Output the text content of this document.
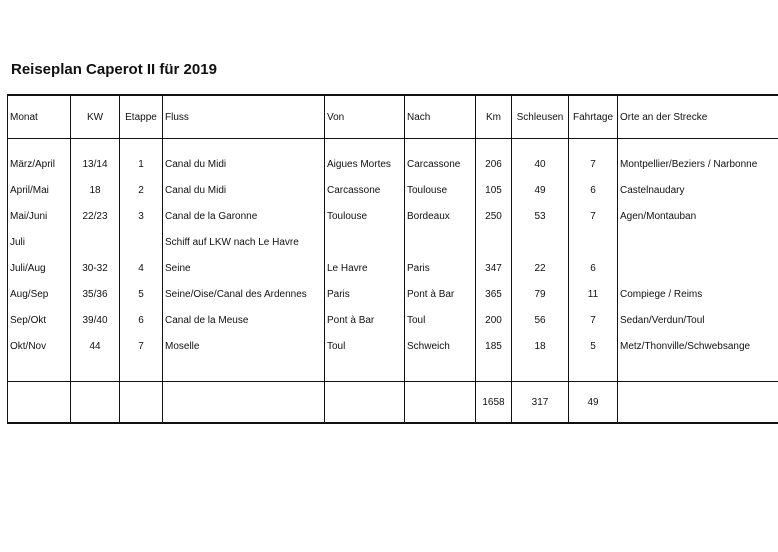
Reiseplan Caperot II für 2019
Monat	KW	Etappe	Fluss	Von	Nach	Km	Schleusen	Fahrtage	Orte an der Strecke
März/April	13/14	1	Canal du Midi	Aigues Mortes	Carcassone	206	40	7	Montpellier/Beziers / Narbonne
April/Mai	18	2	Canal du Midi	Carcassone	Toulouse	105	49	6	Castelnaudary
Mai/Juni	22/23	3	Canal de la Garonne	Toulouse	Bordeaux	250	53	7	Agen/Montauban
Juli			Schiff auf LKW nach Le Havre						
Juli/Aug	30-32	4	Seine	Le Havre	Paris	347	22	6	
Aug/Sep	35/36	5	Seine/Oise/Canal des Ardennes	Paris	Pont à Bar	365	79	11	Compiege / Reims
Sep/Okt	39/40	6	Canal de la Meuse	Pont à Bar	Toul	200	56	7	Sedan/Verdun/Toul
Okt/Nov	44	7	Moselle	Toul	Schweich	185	18	5	Metz/Thonville/Schwebsange

						1658	317	49	
